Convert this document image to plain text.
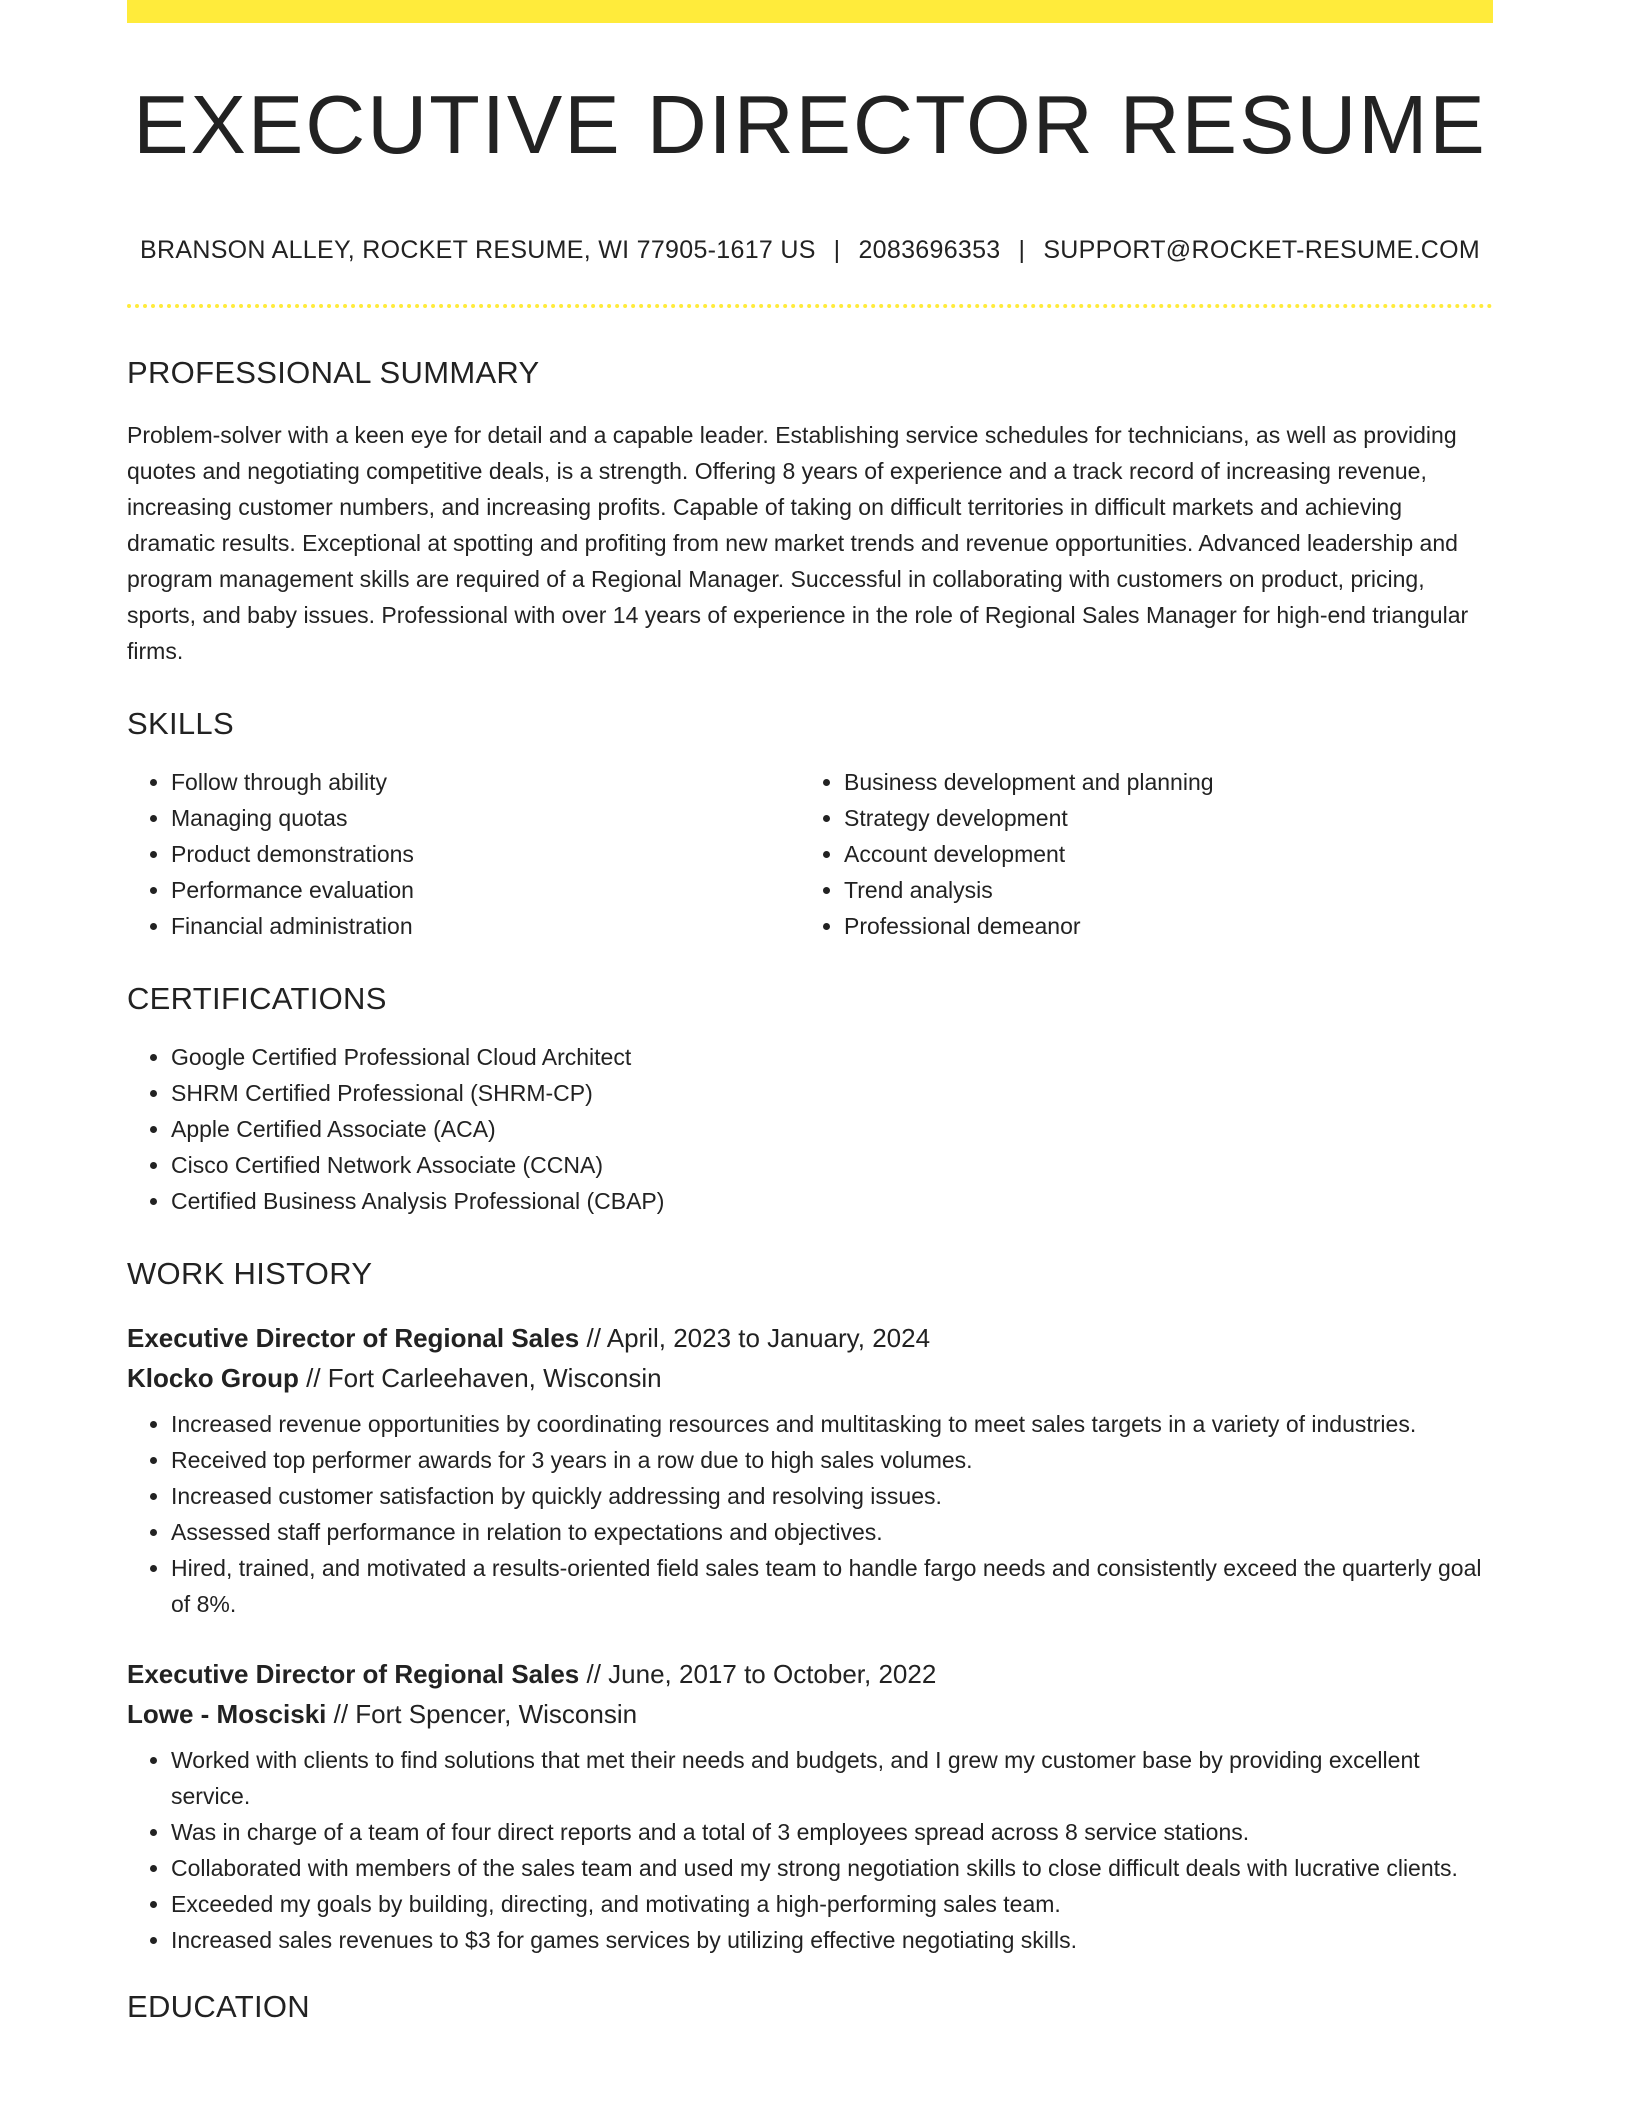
EXECUTIVE DIRECTOR RESUME
BRANSON ALLEY, ROCKET RESUME, WI 77905-1617 US | 2083696353 | SUPPORT@ROCKET-RESUME.COM
PROFESSIONAL SUMMARY

Problem-solver with a keen eye for detail and a capable leader. Establishing service schedules for technicians, as well as providing quotes and negotiating competitive deals, is a strength. Offering 8 years of experience and a track record of increasing revenue, increasing customer numbers, and increasing profits. Capable of taking on difficult territories in difficult markets and achieving dramatic results. Exceptional at spotting and profiting from new market trends and revenue opportunities. Advanced leadership and program management skills are required of a Regional Manager. Successful in collaborating with customers on product, pricing, sports, and baby issues. Professional with over 14 years of experience in the role of Regional Sales Manager for high-end triangular firms.

SKILLS
• Follow through ability
• Managing quotas
• Product demonstrations
• Performance evaluation
• Financial administration
• Business development and planning
• Strategy development
• Account development
• Trend analysis
• Professional demeanor
CERTIFICATIONS
• Google Certified Professional Cloud Architect
• SHRM Certified Professional (SHRM-CP)
• Apple Certified Associate (ACA)
• Cisco Certified Network Associate (CCNA)
• Certified Business Analysis Professional (CBAP)
WORK HISTORY
Executive Director of Regional Sales // April, 2023 to January, 2024
Klocko Group // Fort Carleehaven, Wisconsin
• Increased revenue opportunities by coordinating resources and multitasking to meet sales targets in a variety of industries.
• Received top performer awards for 3 years in a row due to high sales volumes.
• Increased customer satisfaction by quickly addressing and resolving issues.
• Assessed staff performance in relation to expectations and objectives.
• Hired, trained, and motivated a results-oriented field sales team to handle fargo needs and consistently exceed the quarterly goal of 8%.
Executive Director of Regional Sales // June, 2017 to October, 2022
Lowe - Mosciski // Fort Spencer, Wisconsin
• Worked with clients to find solutions that met their needs and budgets, and I grew my customer base by providing excellent service.
• Was in charge of a team of four direct reports and a total of 3 employees spread across 8 service stations.
• Collaborated with members of the sales team and used my strong negotiation skills to close difficult deals with lucrative clients.
• Exceeded my goals by building, directing, and motivating a high-performing sales team.
• Increased sales revenues to $3 for games services by utilizing effective negotiating skills.
EDUCATION
